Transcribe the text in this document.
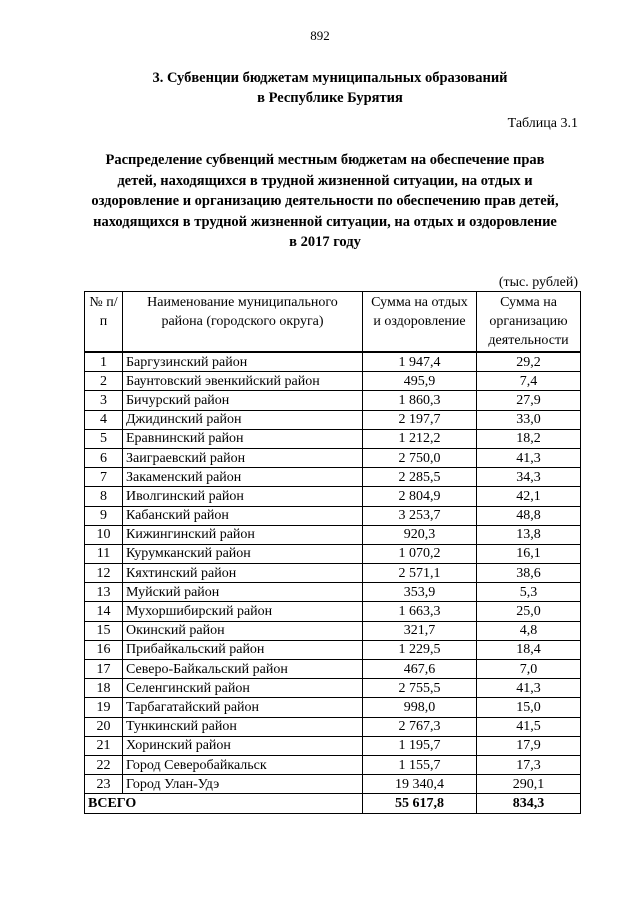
892
3. Субвенции бюджетам муниципальных образований
в Республике Бурятия
Таблица 3.1
Распределение субвенций местным бюджетам на обеспечение прав
детей, находящихся в трудной жизненной ситуации, на отдых и
оздоровление и организацию деятельности по обеспечению прав детей,
находящихся в трудной жизненной ситуации, на отдых и оздоровление
в 2017 году
(тыс. рублей)
№ п/п	Наименование муниципального района (городского округа)	Сумма на отдых и оздоровление	Сумма на организацию деятельности
1	Баргузинский район	1 947,4	29,2
2	Баунтовский эвенкийский район	495,9	7,4
3	Бичурский район	1 860,3	27,9
4	Джидинский район	2 197,7	33,0
5	Еравнинский район	1 212,2	18,2
6	Заиграевский район	2 750,0	41,3
7	Закаменский район	2 285,5	34,3
8	Иволгинский район	2 804,9	42,1
9	Кабанский район	3 253,7	48,8
10	Кижингинский район	920,3	13,8
11	Курумканский район	1 070,2	16,1
12	Кяхтинский район	2 571,1	38,6
13	Муйский район	353,9	5,3
14	Мухоршибирский район	1 663,3	25,0
15	Окинский район	321,7	4,8
16	Прибайкальский район	1 229,5	18,4
17	Северо-Байкальский район	467,6	7,0
18	Селенгинский район	2 755,5	41,3
19	Тарбагатайский район	998,0	15,0
20	Тункинский район	2 767,3	41,5
21	Хоринский район	1 195,7	17,9
22	Город Северобайкальск	1 155,7	17,3
23	Город Улан-Удэ	19 340,4	290,1
ВСЕГО		55 617,8	834,3
